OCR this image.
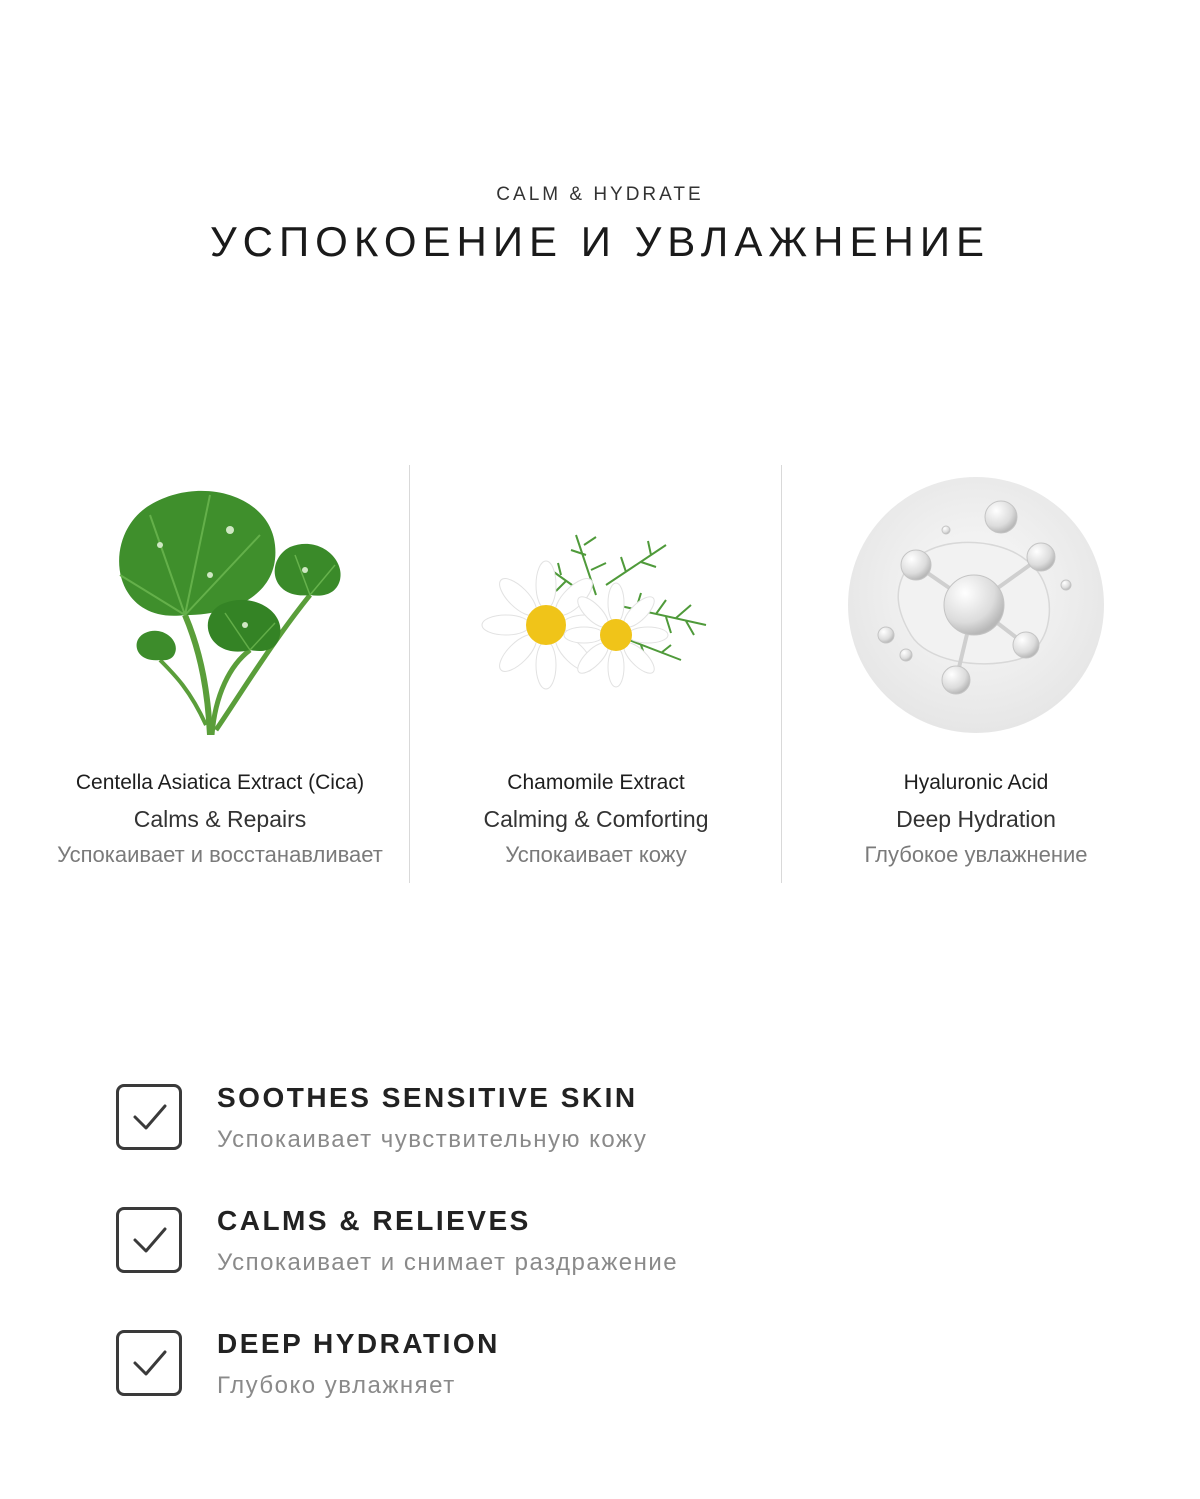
CALM & HYDRATE
УСПОКОЕНИЕ И УВЛАЖНЕНИЕ
Centella Asiatica Extract (Cica)
Calms & Repairs
Успокаивает и восстанавливает
Chamomile Extract
Calming & Comforting
Успокаивает кожу
Hyaluronic Acid
Deep Hydration
Глубокое увлажнение
SOOTHES SENSITIVE SKIN
Успокаивает чувствительную кожу
CALMS & RELIEVES
Успокаивает и снимает раздражение
DEEP HYDRATION
Глубоко увлажняет
